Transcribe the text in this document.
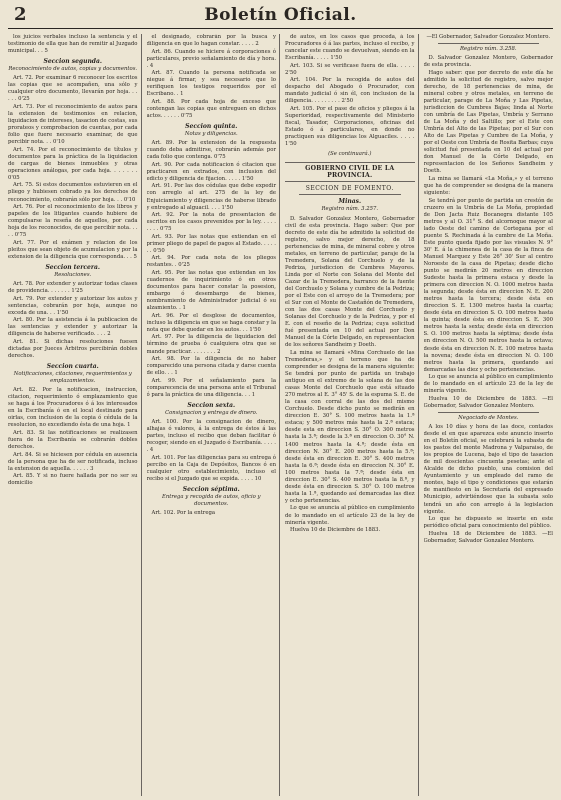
2	Boletín Oficial.
los juicios verbales incluso la sentencia y el testimonio de ella que han de remitir al Juzgado municipal. . . 5
Seccion segunda.
Reconocimiento de autos, copias y documentos.
Art. 72. Por examinar 6 reconocer los escritos las copias que se acompañen, una sólo y cualquier otro documento, llevarán por hoja. . . . . . 0'25
Art. 73. Por el reconocimiento de autos para la extension de testimonios en relacion, liquidacion de intereses, tasacion de costas, sus prorateos y comprobacion de cuentas, por cada folio que fuere necesario examinar, de que percibir nota. . . 0'10
Art. 74. Por el reconocimiento de títulos y documentos para la práctica de la liquidacion de cargas de bienes inmuebles y otras operaciones análogas, por cada hoja. . . . . . . 0'05
Art. 75. Si estos documentos estuvieren en el pliego y hubiesen cobrado ya los derechos de reconocimiento, cobrarán sólo por hoja. . . 0'10
Art. 76. Por el reconocimiento de los libros y papeles de los litigantes cuando hubiere de compulsarse la reseña de aquellos, por cada hoja de los reconocidos, de que percibir nota. . . . . 0'75
Art. 77. Por el exámen y relacion de los pleitos que sean objeto de acumulacion y por la extension de la diligencia que corresponda. . . 5
Seccion tercera.
Resoluciones.
Art. 78. Por extender y autorizar todas clases de providencia. . . . . . . 1'25
Art. 79. Por extender y autorizar los autos y sentencias, cobrarán por hoja, aunque no exceda de una. . . 1'50
Art. 80. Por la asistencia á la publicacion de las sentencias y extender y autorizar la diligencia de haberse verificado. . . . 2
Art. 81. Si dichas resoluciones fuesen dictadas por Jueces Árbitros percibirán dobles derechos.
Seccion cuarta.
Notificaciones, citaciones, requerimientos y emplazamientos.
Art. 82. Por la notificacion, instruccion, citacion, requerimiento ó emplazamiento que se haga á los Procuradores ó á los interesados en la Escribanía ó en el local destinado para oirlas, con inclusion de la copia ó cédula de la resolucion, no excediendo ésta de una hoja. 1
Art. 83. Si las notificaciones se realizasen fuera de la Escribanía se cobrarán dobles derechos.
Art. 84. Si se hiciesen por cédula en ausencia de la persona que ha de ser notificada, incluso la extension de aquella. . . . . . 3
Art. 85. Y si no fuere hallada por no ser su domicilio
el designado, cobrarán por la busca y diligencia en que lo hagan constar. . . . . 2
Art. 86. Cuando se hiciere á corporaciones ó particulares, previo señalamiento de día y hora. . 4
Art. 87. Cuando la persona notificada se niegue á firmar, y sea necesario que lo verifiquen los testigos requeridos por el Escribano. . 1
Art. 88. Por cada hoja de exceso que contengan las copias que entreguen en dichos actos. . . . . . 0'75
Seccion quinta.
Notas y diligencias.
Art. 89. Por la extension de la respuesta cuando deba admitirse, cobrarán además por cada folio que contenga. 0'75
Art. 90. Por cada notificacion ó citacion que practicaren en extrados, con inclusion del edicto y diligencia de fijacion. . . . . 1'50
Art. 91. Por las dos cédulas que debe expedir con arreglo al art. 275 de la ley de Enjuiciamiento y diligencias de haberse librado y entregado al alguacil. . . . 1'50
Art. 92. Por la nota de presentacion de escritos en los casos prevenidos por la ley. . . . . . . . . 0'75
Art. 93. Por las notas que extiendan en el primer pliego de papel de pagos al Estado. . . . . . . 0'50
Art. 94. Por cada nota de los pliegos restantes. . 0'25
Art. 95. Por las notas que extiendan en los cuadernos de inquirimiento ó en otros documentos para hacer constar la posesion, embargo ó desembargo de bienes, nombramiento de Administrador judicial ó su alzamiento. . 1
Art. 96. Por el desglose de documentos, incluso la diligencia en que se haga constar y la nota que debe quedar en los autos. . . 1'50
Art. 97. Por la diligencia de liquidacion del término de prueba ó cualquiera otra que se mande practicar. . . . . . . . 2
Art. 98. Por la diligencia de no haber comparecido una persona citada y darse cuenta de ello. . . 1
Art. 99. Por el señalamiento para la comparecencia de una persona ante el Tribunal ó para la práctica de una diligencia. . . 1
Seccion sexta.
Consignacion y entrega de dinero.
Art. 100. Por la consignacion de dinero, alhajas ó valores, á la entrega de éstos á las partes, incluso el recibo que deban facilitar ó recoger, siendo en el Juzgado ó Escribanía. . . . . . 4
Art. 101. Por las diligencias para su entrega ó percibo en la Caja de Depósitos, Bancos ó en cualquier otro establecimiento, incluso el recibo si el Juzgado que se expida. . . . . 10
Seccion séptima.
Entrega y recogida de autos, oficio y documentos.
Art. 102. Por la entrega
de autos, en los casos que proceda, á los Procuradores ó á las partes, incluso el recibo, y cancelar este cuando se devuelvan, siendo en la Escribanía. . . . . 1'50
Art. 103. Si se verificase fuera de ella. . . . . 2'50
Art. 104. Por la recogida de autos del despacho del Abogado ó Procurador, con mandato judicial ó sin él, con inclusion de la diligencia. . . . . . . . . 2'50
Art. 105. Por el pase de oficios y pliegos á la Superioridad, respectivamente del Ministerio fiscal, Tasador, Corporaciones, oficinas del Estado ó á particulares, en donde no practiquen sus diligencias los Alguaciles. . . . . 1'50
(Se continuará.)
GOBIERNO CIVIL DE LA PROVINCIA.
SECCION DE FOMENTO.
Minas.
Registro núm. 3.257.
D. Salvador Gonzalez Montero, Gobernador civil de esta provincia. Hago saber: Que por decreto de este día he admitido la solicitud de registro, salvo mejor derecho, de 18 pertenencias de mina, de mineral cobre y otros metales, en terreno de particular, paraje de la Tremedera, Solana del Corchuelo y de la Pedriza, jurisdiccion de Cumbres Mayores. Linda por el Norte con Solana del Monte del Cazar de la Tremedera, barranco de la fuente del Corchuelo y Solana y cumbre de la Pedriza; por el Este con el arroyo de la Tremedera; por el Sur con el Monte de Castañón de Tremedera, con las dos casas Monte del Corchuelo y Solanas del Corchuelo y de la Pedriza, y por el E. con el reseño de la Pedriza; cuya solicitud fué presentada en 10 del actual por Don Manuel de la Córte Delgado, en representacion de los señores Sandheim y Doeth.
La mina se llamará «Mina Corchuelo de las Tremederas,» y el terreno que ha de comprender se designa de la manera siguiente: Se tendrá por punto de partida un trabajo antiguo en el extremo de la solana de las dos casas Monte del Corchuelo que está situado 270 metros al E. 3° 45' S. de la espuma S. E. de la casa con corral de las dos del mismo Corchuelo. Desde dicho punto se medirán en direccion E. 30° S. 100 metros hasta la 1.ª estaca; y 500 metros más hasta la 2.ª estaca; desde esta en direccion S. 30° O. 300 metros hasta la 3.ª; desde la 3.ª en direccion O. 30° N. 1400 metros hasta la 4.ª; desde ésta en direccion N. 30° E. 200 metros hasta la 5.ª; desde ésta en direccion E. 30° S. 400 metros hasta la 6.ª; desde ésta en direccion N. 30° E. 100 metros hasta la 7.ª; desde ésta en direccion E. 30° S. 400 metros hasta la 8.ª, y desde ésta en direccion S. 30° O. 100 metros hasta la 1.ª, quedando así demarcadas las diez y ocho pertenencias.
Lo que se anuncia al público en cumplimiento de lo mandado en el artículo 23 de la ley de minería vigente.
Huelva 10 de Diciembre de 1883.
—El Gobernador, Salvador Gonzalez Montero.
Registro núm. 3.258.
D. Salvador Gonzalez Montero, Gobernador de esta provincia.
Hago saber: que por decreto de este día he admitido la solicitud de registro, salvo mejor derecho, de 18 pertenencias de mina, de mineral cobre y otros metales, en terreno de particular, parage de La Moña y Las Pipetas, jurisdiccion de Cumbres Bajas; linda al Norte con umbría de Las Pipetas, Umbría y Serrano de La Moña y del Saltillo; por el Este con Umbría del Alto de las Pipetas; por el Sur con Alto de Las Pipetas y Cumbre de La Moña, y por el Oeste con Umbría de Rosita Barbas; cuya solicitud fué presentada en 10 del actual por don Manuel de la Córte Delgado, en representacion de los Señores Sandheim y Doeth.
La mina se llamará «La Moña,» y el terreno que ha de comprender se designa de la manera siguiente:
Se tendrá por punto de partida un crestón de cruzero en la Umbría de La Moña, propiedad de Don Jacta Ruiz Bocanegra distante 105 metros y al O. 31° S. del alcornoque mayor al lado Oeste del camino de Cortegana por el puente S. Rechinada á la cumbre de La Moña. Este punto queda fijado por las visuales N. 9° 30' E. á la chimenea de la casa de la finca de Manuel Marquez y Este 26° 30' Sur al centro Noroeste de la casa de Pipetas; desde dicho punto se medirán 20 metros en direccion Sudeste hasta la primera estaca y desde la primera con direccion N. O. 1000 metros hasta la segunda; desde ésta en direccion N. E. 200 metros hasta la tercera; desde ésta en direccion S. E. 1300 metros hasta la cuarta; desde ésta en direccion S. O. 100 metros hasta la quinta; desde ésta en direccion S. E. 300 metros hasta la sexta; desde ésta en direccion S. O. 100 metros hasta la séptima; desde ésta en direccion N. O. 500 metros hasta la octava; desde ésta en direccion N. E. 100 metros hasta la novena; desde ésta en direccion N. O. 100 metros hasta la primera, quedando así demarcadas las diez y ocho pertenencias.
Lo que se anuncia al público en cumplimiento de lo mandado en el artículo 23 de la ley de minería vigente.
Huelva 10 de Diciembre de 1883. —El Gobernador, Salvador Gonzalez Montero.
Negociado de Montes.
A los 10 días y hora de las doce, contados desde el en que aparezca este anuncio inserto en el Boletín oficial, se celebrará la subasta de los pastos del monte Madrona y Valparaiso, de los propios de Lucena, bajo el tipo de tasacion de mil doscientas cincuenta pesetas; ante el Alcalde de dicho pueblo, una comision del Ayuntamiento y un empleado del ramo de montes, bajo el tipo y condiciones que estarán de manifiesto en la Secretaría del expresado Municipio, advirtiéndose que la subasta solo tendrá un año con arreglo á la legislacion vigente.
Lo que he dispuesto se inserte en este periódico oficial para conocimiento del público.
Huelva 18 de Diciembre de 1883. —El Gobernador, Salvador Gonzalez Montero.
